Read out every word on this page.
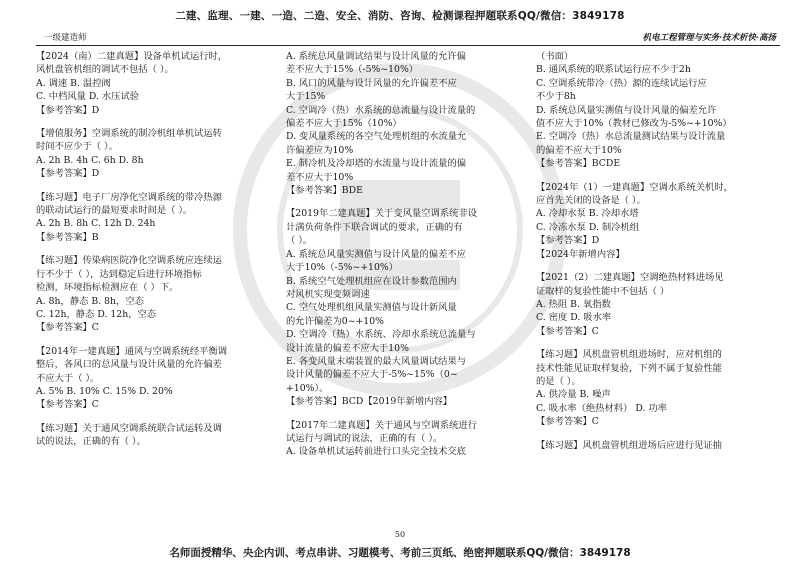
二建、监理、一建、一造、二造、安全、消防、咨询、检测课程押题联系QQ/微信：3849178
一级建造师	机电工程管理与实务·技术析快·高扬

【2024（南）二建真题】设备单机试运行时，

风机盘管机组的调试不包括（ ）。

A. 调速 B. 温控阀

C. 中档风量 D. 水压试验

【参考答案】D

【增值服务】空调系统的制冷机组单机试运转

时间不应少于（ ）。

A. 2h B. 4h C. 6h D. 8h

【参考答案】D

【练习题】电子厂房净化空调系统的带冷热源

的联动试运行的最短要求时间是（ ）。

A. 2h B. 8h C. 12h D. 24h

【参考答案】B

【练习题】传染病医院净化空调系统应连续运

行不少于（ ），达到稳定后进行环境指标

检测，环境指标检测应在（ ）下。

A. 8h，静态 B. 8h，空态

C. 12h，静态 D. 12h，空态

【参考答案】C

【2014年一建真题】通风与空调系统经平衡调

整后，各风口的总风量与设计风量的允许偏差

不应大于（ ）。

A. 5% B. 10% C. 15% D. 20%

【参考答案】C

【练习题】关于通风空调系统联合试运转及调

试的说法，正确的有（ ）。

A. 系统总风量调试结果与设计风量的允许偏

差不应大于15%（-5%~10%）

B. 风口的风量与设计风量的允许偏差不应

大于15%

C. 空调冷（热）水系统的总流量与设计流量的

偏差不应大于15%（10%）

D. 变风量系统的各空气处理机组的水流量允

许偏差应为10%

E. 制冷机及冷却塔的水流量与设计流量的偏

差不应大于10%

【参考答案】BDE

【2019年二建真题】关于变风量空调系统非设

计满负荷条件下联合调试的要求，正确的有

（ ）。

A. 系统总风量实测值与设计风量的偏差不应

大于10%（-5%~+10%）

B. 系统空气处理机组应在设计参数范围内

对风机实现变频调速

C. 空气处理机组风量实测值与设计新风量

的允许偏差为0~+10%

D. 空调冷（热）水系统、冷却水系统总流量与

设计流量的偏差不应大于10%

E. 各变风量末端装置的最大风量调试结果与

设计风量的偏差不应大于-5%~15%（0~

+10%）。

【参考答案】BCD【2019年新增内容】

【2017年二建真题】关于通风与空调系统进行

试运行与调试的说法，正确的有（ ）。

A. 设备单机试运转前进行口头完全技术交底

（书面）

B. 通风系统的联系试运行应不少于2h

C. 空调系统带冷（热）源的连续试运行应

不少于8h

D. 系统总风量实测值与设计风量的偏差允许

值不应大于10%（教材已修改为-5%~+10%）

E. 空调冷（热）水总流量测试结果与设计流量

的偏差不应大于10%

【参考答案】BCDE

【2024年（1）一建真题】空调水系统关机时，

应首先关闭的设备是（ ）。

A. 冷却水泵 B. 冷却水塔

C. 冷冻水泵 D. 制冷机组

【参考答案】D

【2024年新增内容】

【2021（2）二建真题】空调绝热材料进场见

证取样的复验性能中不包括（ ）

A. 热阻 B. 氧指数

C. 密度 D. 吸水率

【参考答案】C

【练习题】风机盘管机组进场时，应对机组的

技术性能见证取样复验，下列不属于复验性能

的是（ ）。

A. 供冷量 B. 噪声

C. 吸水率（绝热材料） D. 功率

【参考答案】C

【练习题】风机盘管机组进场后应进行见证抽

50
名师面授精华、央企内训、考点串讲、习题模考、考前三页纸、绝密押题联系QQ/微信：3849178
